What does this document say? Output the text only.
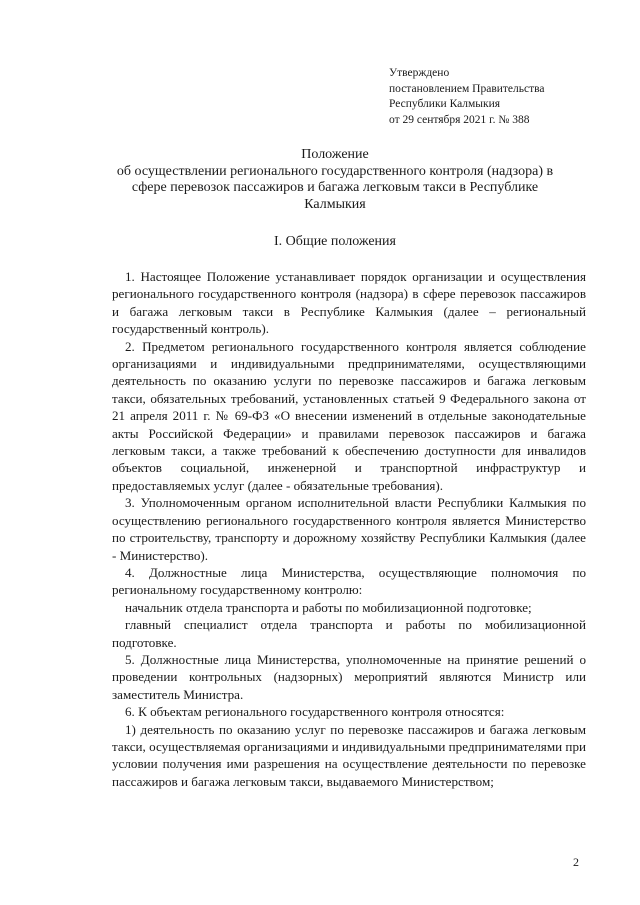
Утверждено
постановлением Правительства
Республики Калмыкия
от 29 сентября 2021 г. № 388
Положение
об осуществлении регионального государственного контроля (надзора) в
сфере перевозок пассажиров и багажа легковым такси в Республике
Калмыкия
I. Общие положения

1. Настоящее Положение устанавливает порядок организации и осуществления регионального государственного контроля (надзора) в сфере перевозок пассажиров и багажа легковым такси в Республике Калмыкия (далее – региональный государственный контроль).

2. Предметом регионального государственного контроля является соблюдение организациями и индивидуальными предпринимателями, осуществляющими деятельность по оказанию услуги по перевозке пассажиров и багажа легковым такси, обязательных требований, установленных статьей 9 Федерального закона от 21 апреля 2011 г. № 69-ФЗ «О внесении изменений в отдельные законодательные акты Российской Федерации» и правилами перевозок пассажиров и багажа легковым такси, а также требований к обеспечению доступности для инвалидов объектов социальной, инженерной и транспортной инфраструктур и предоставляемых услуг (далее - обязательные требования).

3. Уполномоченным органом исполнительной власти Республики Калмыкия по осуществлению регионального государственного контроля является Министерство по строительству, транспорту и дорожному хозяйству Республики Калмыкия (далее - Министерство).

4. Должностные лица Министерства, осуществляющие полномочия по региональному государственному контролю:

начальник отдела транспорта и работы по мобилизационной подготовке;

главный специалист отдела транспорта и работы по мобилизационной подготовке.

5. Должностные лица Министерства, уполномоченные на принятие решений о проведении контрольных (надзорных) мероприятий являются Министр или заместитель Министра.

6. К объектам регионального государственного контроля относятся:

1) деятельность по оказанию услуг по перевозке пассажиров и багажа легковым такси, осуществляемая организациями и индивидуальными предпринимателями при условии получения ими разрешения на осуществление деятельности по перевозке пассажиров и багажа легковым такси, выдаваемого Министерством;

2
